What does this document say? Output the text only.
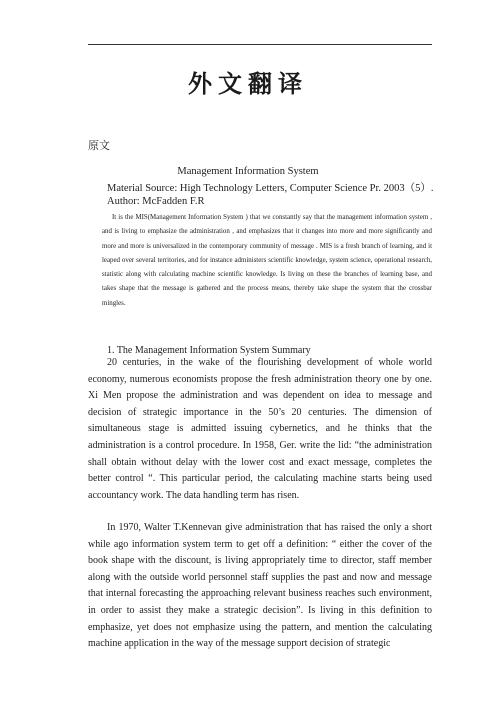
外文翻译
原文
Management Information System
Material Source: High Technology Letters, Computer Science Pr. 2003（5）.
Author: McFadden F.R

It is the MIS(Management Information System ) that we constantly say that the management information system , and is living to emphasize the administration , and emphasizes that it changes into more and more significantly and more and more is universalized in the contemporary community of message . MIS is a fresh branch of learning, and it leaped over several territories, and for instance administers scientific knowledge, system science, operational research, statistic along with calculating machine scientific knowledge. Is living on these the branches of learning base, and takes shape that the message is gathered and the process means, thereby take shape the system that the crossbar mingles.

1. The Management Information System Summary

20 centuries, in the wake of the flourishing development of whole world economy, numerous economists propose the fresh administration theory one by one. Xi Men propose the administration and was dependent on idea to message and decision of strategic importance in the 50’s 20 centuries. The dimension of simultaneous stage is admitted issuing cybernetics, and he thinks that the administration is a control procedure. In 1958, Ger. write the lid: “the administration shall obtain without delay with the lower cost and exact message, completes the better control “. This particular period, the calculating machine starts being used accountancy work. The data handling term has risen.

In 1970, Walter T.Kennevan give administration that has raised the only a short while ago information system term to get off a definition: “ either the cover of the book shape with the discount, is living appropriately time to director, staff member along with the outside world personnel staff supplies the past and now and message that internal forecasting the approaching relevant business reaches such environment, in order to assist they make a strategic decision”. Is living in this definition to emphasize, yet does not emphasize using the pattern, and mention the calculating machine application in the way of the message support decision of strategic
